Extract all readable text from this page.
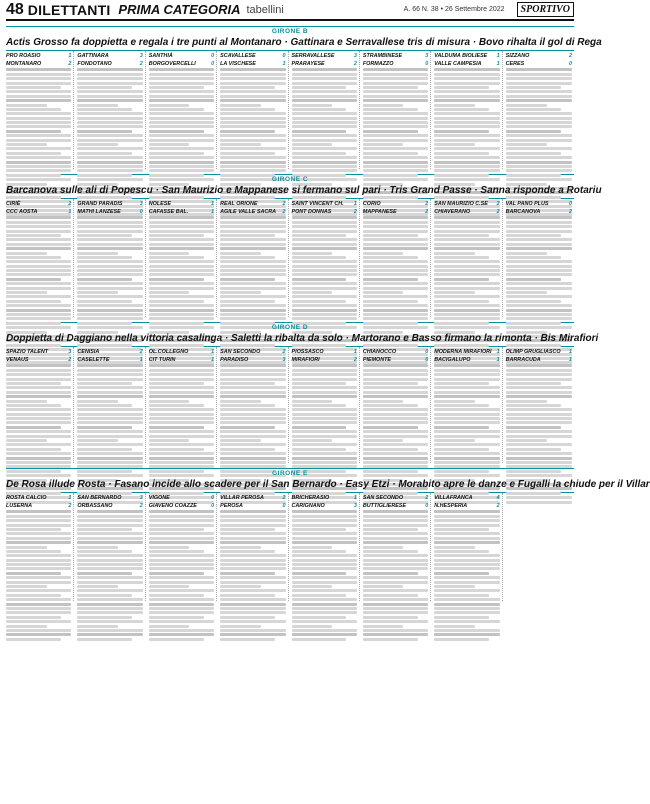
48 DILETTANTI PRIMA CATEGORIA tabellini	A. 66 N. 38 • 26 Settembre 2022	SPORTIVO
GIRONE B
Actis Grosso fa doppietta e regala i tre punti al Montanaro · Gattinara e Serravallese tris di misura · Bovo rihalta il gol di Rega
PRO ROASIO	1
MONTANARO	2
GATTINARA	3
FONDOTANO	2
SANTHIÀ	0
BORGOVERCELLI	0
SCAVALLESE	0
LA VISCHESE	1
SERRAVALLESE	3
PRARAYESE	2
STRAMBINESE	3
FORMAZZO	0
VALDUMA BIOLIESE 1
VALLE CAMPESIA	1
SIZZANO	2
CERES	0
GIRONE C
Barcanova sulle ali di Popescu · San Maurizio e Mappanese si fermano sul pari · Tris Grand Passe · Sanna risponde a Rotariu
CIRIÈ	2
CCC AOSTA	1
GRAND PARADIS	3
MATHI LANZESE	0
NOLESE	1
CAFASSE BAL.	1
REAL ORIONE	2
AGILE VALLE SACRA 2
SAINT VINCENT CH. 1
PONT DONNAS	2
CORIO	2
MAPPANESE	2
SAN MAURIZIO C.SE 2
CHIAVERANO	2
VAL PANO PLUS	0
BARCANOVA	2
GIRONE D
Doppietta di Daggiano nella vittoria casalinga · Saletti la ribalta da solo · Martorano e Basso firmano la rimonta · Bis Mirafiori
SPAZIO TALENT	3
VENAUS	2
CENISIA	2
CASELETTE	1
OL.COLLEGNO	1
CIT TURIN	1
SAN SECONDO	2
PARADISO	3
PIOSSASCO	1
MIRAFIORI	2
CHIANOCCO	0
PIEMONTE	0
MODERNA MIRAFIORI 1
BACIGALUPO	1
OLIMP GRUGLIASCO 1
BARRACUDA	1
GIRONE E
De Rosa illude Rosta · Fasano incide allo scadere per il San Bernardo · Easy Etzi · Morabito apre le danze e Fugalli la chiude per il Villar
ROSTA CALCIO	1
LUSERNA	2
SAN BERNARDO	3
ORBASSANO	2
VIGONE	0
GIAVENO COAZZE	0
VILLAR PEROSA	2
PEROSA	0
BRICHERASIO	1
CARIGNANO	3
SAN SECONDO	2
BUTTIGLIERESE	0
VILLAFRANCA	4
N.HESPERIA	2
